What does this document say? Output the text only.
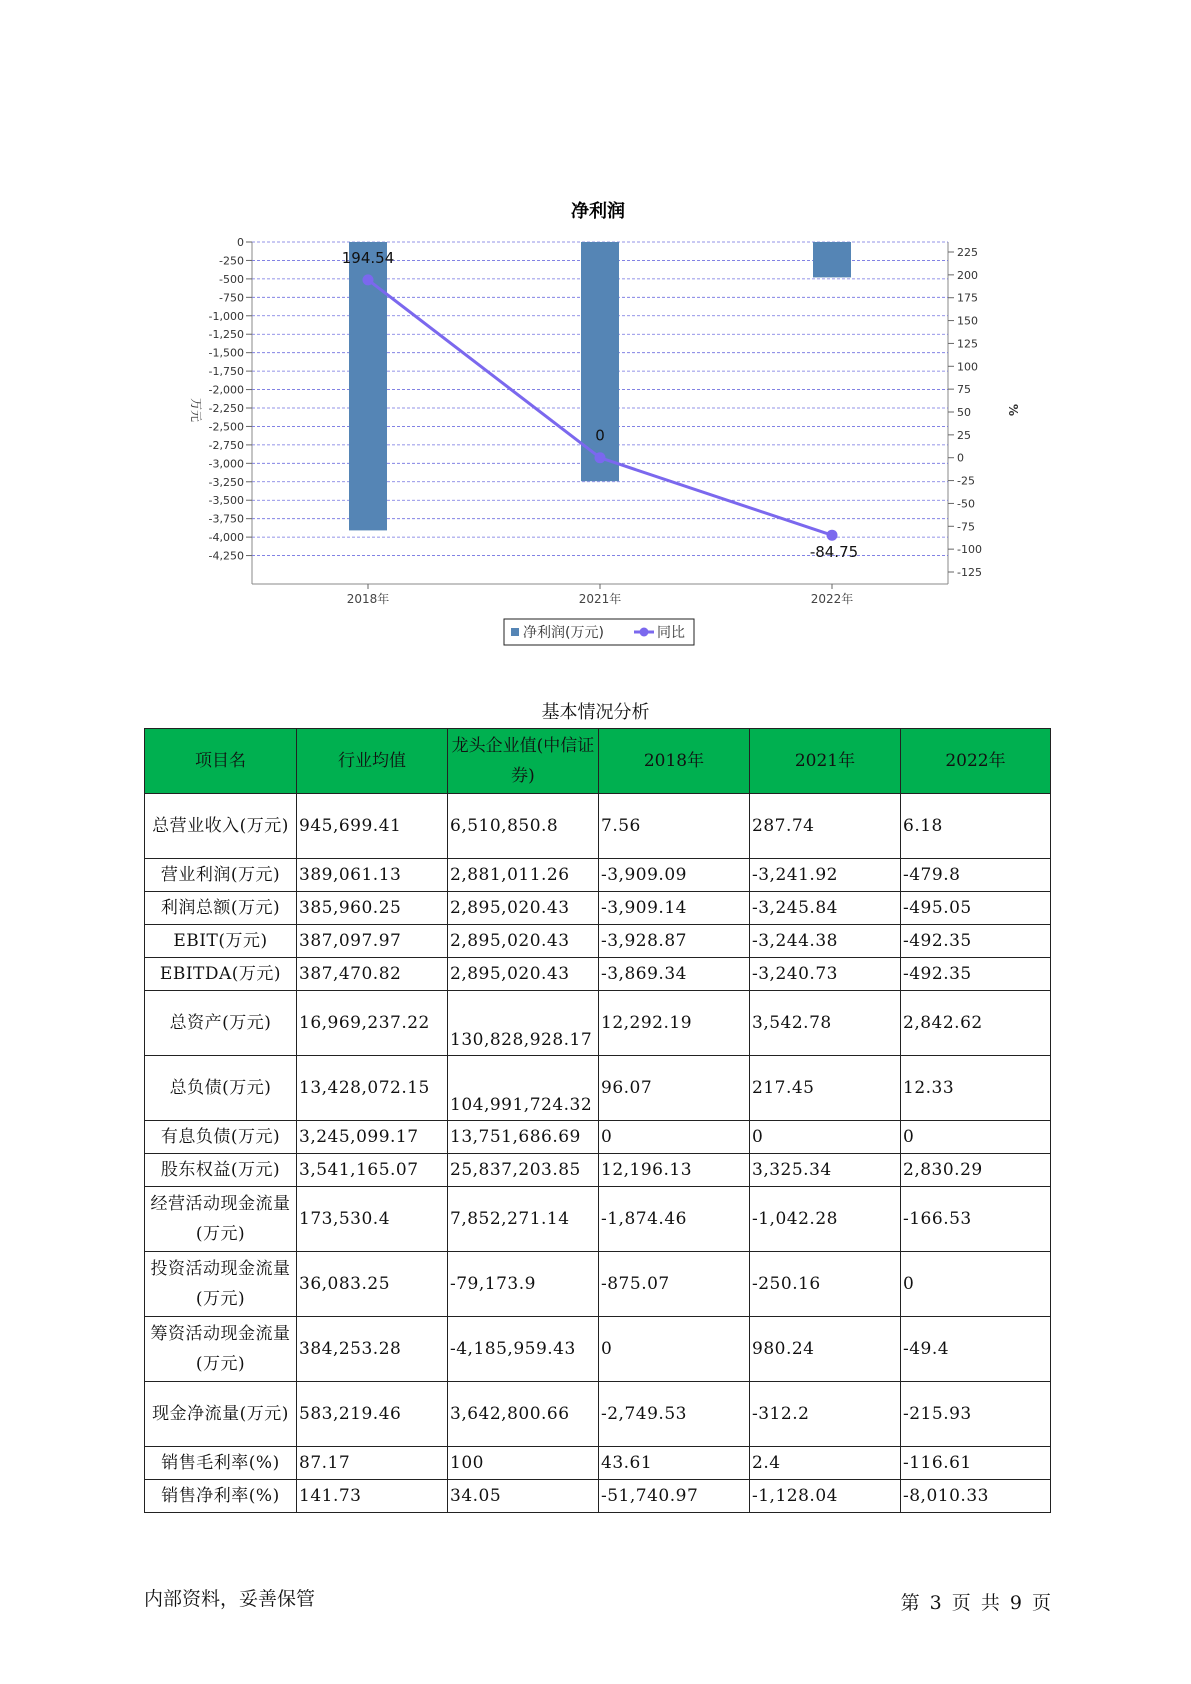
净利润
0
-250
-500
-750
-1,000
-1,250
-1,500
-1,750
-2,000
-2,250
-2,500
-2,750
-3,000
-3,250
-3,500
-3,750
-4,000
-4,250
225
200
175
150
125
100
75
50
25
0
-25
-50
-75
-100
-125
万元	%
2018年	2021年	2022年
194.54
0
-84.75
净利润(万元)	同比
基本情况分析
项目名	行业均值	龙头企业值(中信证券)	2018年	2021年	2022年
总营业收入(万元)	945,699.41	6,510,850.8	7.56	287.74	6.18
营业利润(万元)	389,061.13	2,881,011.26	-3,909.09	-3,241.92	-479.8
利润总额(万元)	385,960.25	2,895,020.43	-3,909.14	-3,245.84	-495.05
EBIT(万元)	387,097.97	2,895,020.43	-3,928.87	-3,244.38	-492.35
EBITDA(万元)	387,470.82	2,895,020.43	-3,869.34	-3,240.73	-492.35
总资产(万元)	16,969,237.22	130,828,928.17	12,292.19	3,542.78	2,842.62
总负债(万元)	13,428,072.15	104,991,724.32	96.07	217.45	12.33
有息负债(万元)	3,245,099.17	13,751,686.69	0	0	0
股东权益(万元)	3,541,165.07	25,837,203.85	12,196.13	3,325.34	2,830.29
经营活动现金流量(万元)	173,530.4	7,852,271.14	-1,874.46	-1,042.28	-166.53
投资活动现金流量(万元)	36,083.25	-79,173.9	-875.07	-250.16	0
筹资活动现金流量(万元)	384,253.28	-4,185,959.43	0	980.24	-49.4
现金净流量(万元)	583,219.46	3,642,800.66	-2,749.53	-312.2	-215.93
销售毛利率(%)	87.17	100	43.61	2.4	-116.61
销售净利率(%)	141.73	34.05	-51,740.97	-1,128.04	-8,010.33
内部资料，妥善保管	第 3 页 共 9 页
